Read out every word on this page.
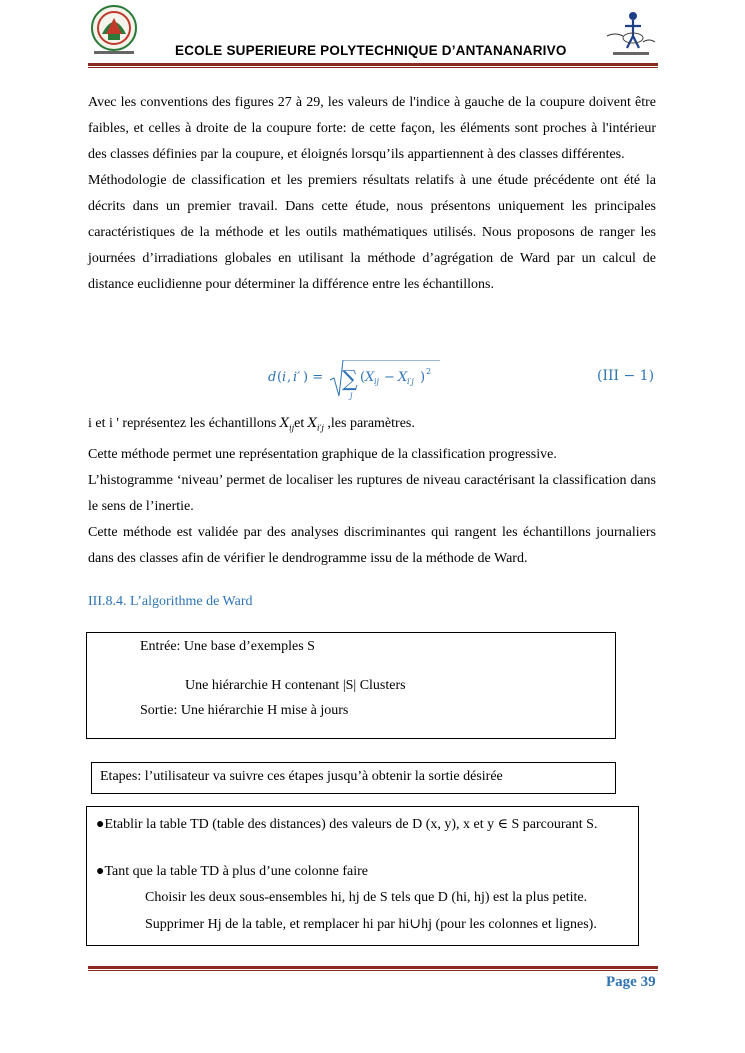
ECOLE SUPERIEURE POLYTECHNIQUE D’ANTANANARIVO

Avec les conventions des figures 27 à 29, les valeurs de l'indice à gauche de la coupure doivent être faibles, et celles à droite de la coupure forte: de cette façon, les éléments sont proches à l'intérieur des classes définies par la coupure, et éloignés lorsqu’ils appartiennent à des classes différentes.

Méthodologie de classification et les premiers résultats relatifs à une étude précédente ont été la décrits dans un premier travail. Dans cette étude, nous présentons uniquement les principales caractéristiques de la méthode et les outils mathématiques utilisés. Nous proposons de ranger les journées d’irradiations globales en utilisant la méthode d’agrégation de Ward par un calcul de distance euclidienne pour déterminer la différence entre les échantillons.

d ( i , i′ ) = ∑
j
( X ij − X i′j ) 2	(III − 1)

i et i ' représentez les échantillons $X_{ij}et$ $X_{i'j}$ ,les paramètres.

Cette méthode permet une représentation graphique de la classification progressive.

L’histogramme ‘niveau’ permet de localiser les ruptures de niveau caractérisant la classification dans le sens de l’inertie.

Cette méthode est validée par des analyses discriminantes qui rangent les échantillons journaliers dans des classes afin de vérifier le dendrogramme issu de la méthode de Ward.

III.8.4. L’algorithme de Ward
Entrée: Une base d’exemples S
Une hiérarchie H contenant |S| Clusters
Sortie: Une hiérarchie H mise à jours
Etapes: l’utilisateur va suivre ces étapes jusqu’à obtenir la sortie désirée
●Etablir la table TD (table des distances) des valeurs de D (x, y), x et y ∈ S parcourant S.
●Tant que la table TD à plus d’une colonne faire
Choisir les deux sous-ensembles hi, hj de S tels que D (hi, hj) est la plus petite.
Supprimer Hj de la table, et remplacer hi par hi∪hj (pour les colonnes et lignes).
Page 39
